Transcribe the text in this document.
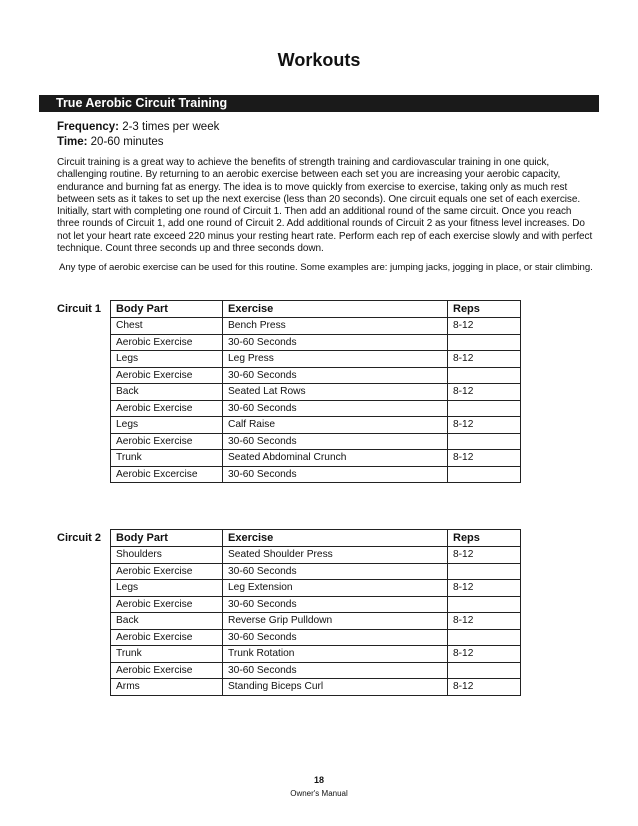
Workouts
True Aerobic Circuit Training
Frequency: 2-3 times per week
Time: 20-60 minutes

Circuit training is a great way to achieve the benefits of strength training and cardiovascular training in one quick, challenging routine. By returning to an aerobic exercise between each set you are increasing your aerobic capacity, endurance and burning fat as energy. The idea is to move quickly from exercise to exercise, taking only as much rest between sets as it takes to set up the next exercise (less than 20 seconds). One circuit equals one set of each exercise. Initially, start with completing one round of Circuit 1. Then add an additional round of the same circuit. Once you reach three rounds of Circuit 1, add one round of Circuit 2. Add additional rounds of Circuit 2 as your fitness level increases. Do not let your heart rate exceed 220 minus your resting heart rate. Perform each rep of each exercise slowly and with perfect technique. Count three seconds up and three seconds down.

Any type of aerobic exercise can be used for this routine. Some examples are: jumping jacks, jogging in place, or stair climbing.

Circuit 1 Body Part	Exercise	Reps
Chest	Bench Press	8-12
Aerobic Exercise	30-60 Seconds	
Legs	Leg Press	8-12
Aerobic Exercise	30-60 Seconds	
Back	Seated Lat Rows	8-12
Aerobic Exercise	30-60 Seconds	
Legs	Calf Raise	8-12
Aerobic Exercise	30-60 Seconds	
Trunk	Seated Abdominal Crunch	8-12
Aerobic Excercise	30-60 Seconds	
Circuit 2 Body Part	Exercise	Reps
Shoulders	Seated Shoulder Press	8-12
Aerobic Exercise	30-60 Seconds	
Legs	Leg Extension	8-12
Aerobic Exercise	30-60 Seconds	
Back	Reverse Grip Pulldown	8-12
Aerobic Exercise	30-60 Seconds	
Trunk	Trunk Rotation	8-12
Aerobic Exercise	30-60 Seconds	
Arms	Standing Biceps Curl	8-12
18
Owner's Manual
